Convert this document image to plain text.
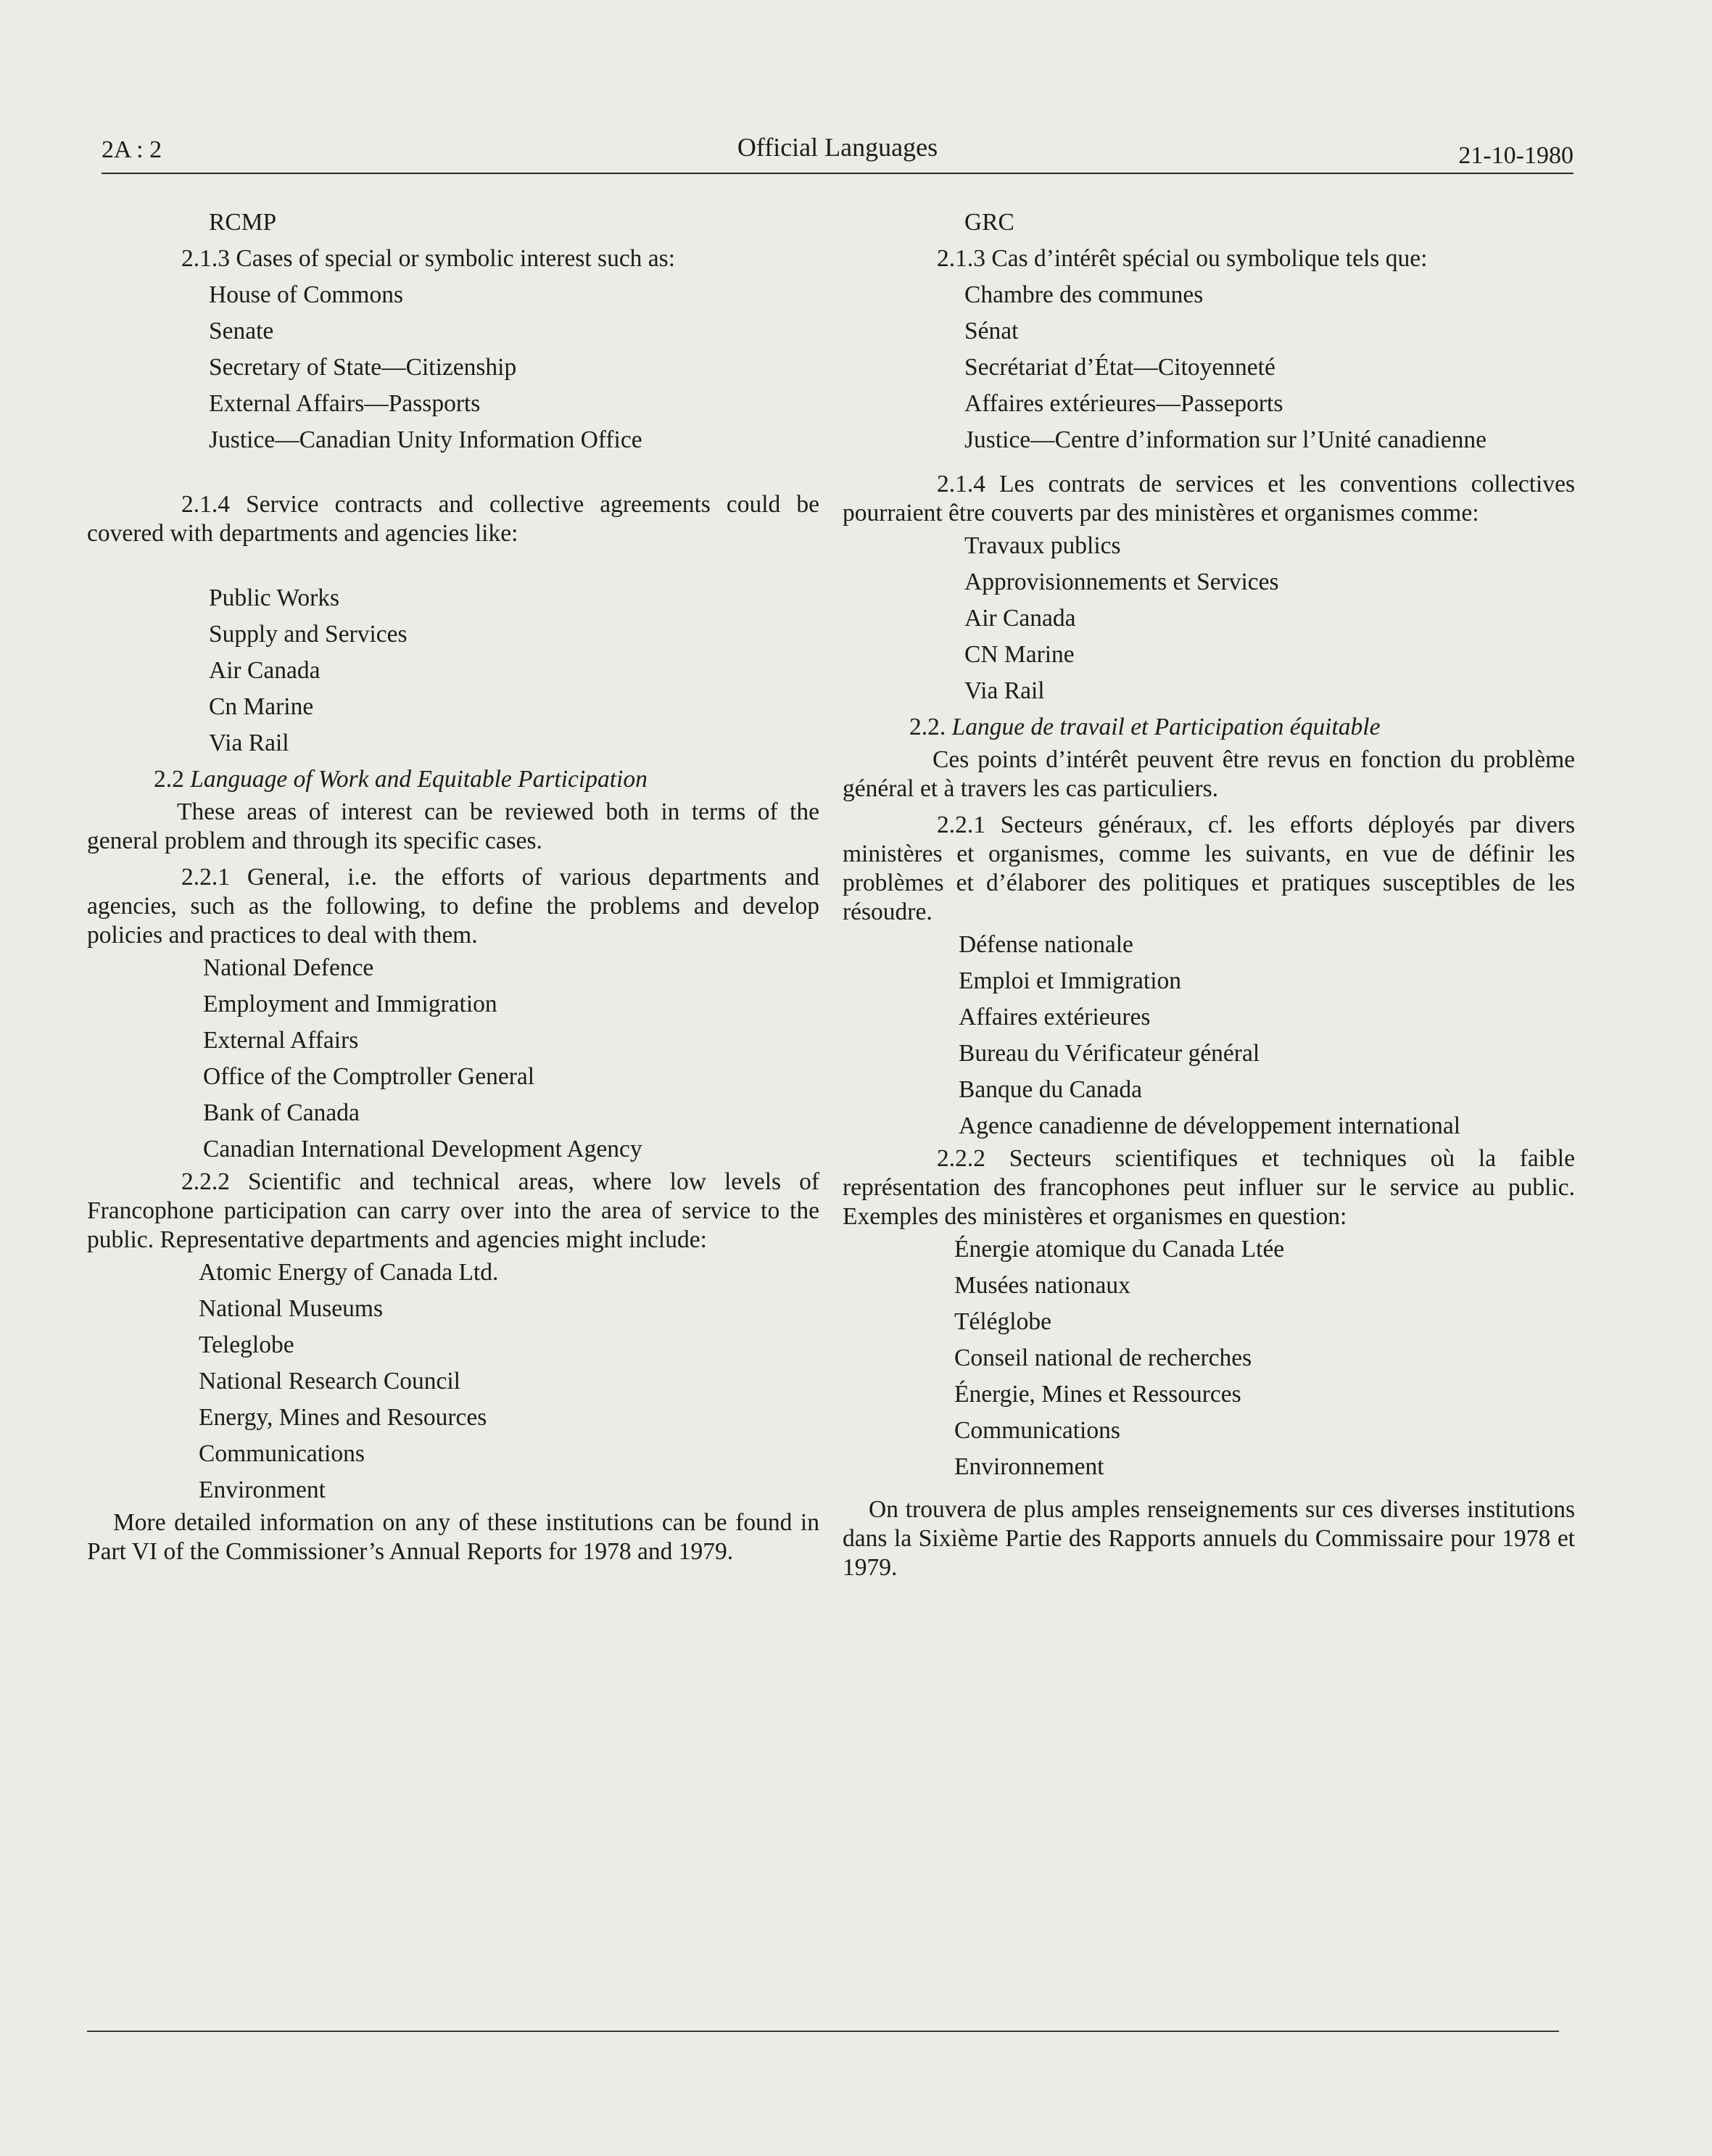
2A : 2	Official Languages	21-10-1980

RCMP

2.1.3 Cases of special or symbolic interest such as:

House of Commons
Senate
Secretary of State—Citizenship
External Affairs—Passports
Justice—Canadian Unity Information Office

2.1.4 Service contracts and collective agreements could be covered with departments and agencies like:

Public Works
Supply and Services
Air Canada
Cn Marine
Via Rail

2.2 Language of Work and Equitable Participation

These areas of interest can be reviewed both in terms of the general problem and through its specific cases.

2.2.1 General, i.e. the efforts of various departments and agencies, such as the following, to define the problems and develop policies and practices to deal with them.

National Defence
Employment and Immigration
External Affairs
Office of the Comptroller General
Bank of Canada
Canadian International Development Agency

2.2.2 Scientific and technical areas, where low levels of Francophone participation can carry over into the area of service to the public. Representative departments and agencies might include:

Atomic Energy of Canada Ltd.
National Museums
Teleglobe
National Research Council
Energy, Mines and Resources
Communications
Environment

More detailed information on any of these institutions can be found in Part VI of the Commissioner’s Annual Reports for 1978 and 1979.

GRC

2.1.3 Cas d’intérêt spécial ou symbolique tels que:

Chambre des communes
Sénat
Secrétariat d’État—Citoyenneté
Affaires extérieures—Passeports
Justice—Centre d’information sur l’Unité canadienne

2.1.4 Les contrats de services et les conventions collectives pourraient être couverts par des ministères et organismes comme:

Travaux publics
Approvisionnements et Services
Air Canada
CN Marine
Via Rail

2.2. Langue de travail et Participation équitable

Ces points d’intérêt peuvent être revus en fonction du problème général et à travers les cas particuliers.

2.2.1 Secteurs généraux, cf. les efforts déployés par divers ministères et organismes, comme les suivants, en vue de définir les problèmes et d’élaborer des politiques et pratiques susceptibles de les résoudre.

Défense nationale
Emploi et Immigration
Affaires extérieures
Bureau du Vérificateur général
Banque du Canada
Agence canadienne de développement international

2.2.2 Secteurs scientifiques et techniques où la faible représentation des francophones peut influer sur le service au public. Exemples des ministères et organismes en question:

Énergie atomique du Canada Ltée
Musées nationaux
Téléglobe
Conseil national de recherches
Énergie, Mines et Ressources
Communications
Environnement

On trouvera de plus amples renseignements sur ces diverses institutions dans la Sixième Partie des Rapports annuels du Commissaire pour 1978 et 1979.
